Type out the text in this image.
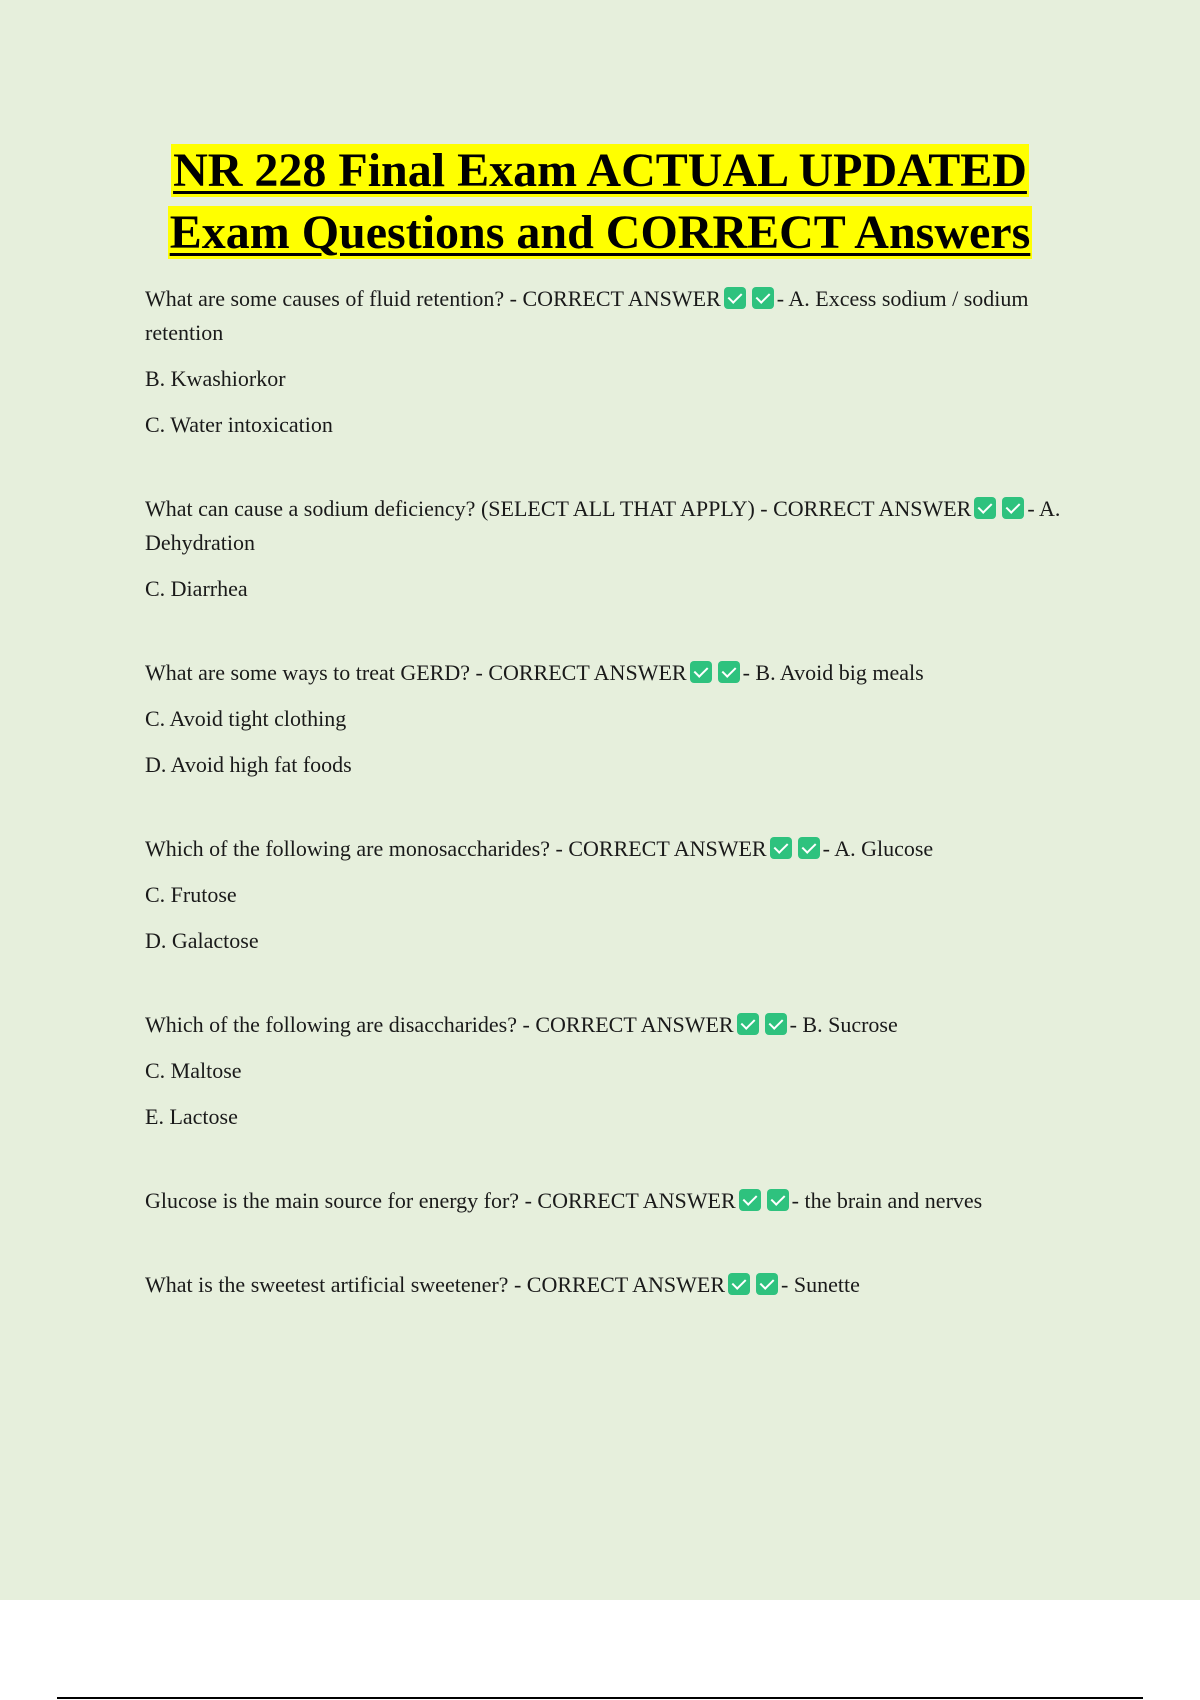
NR 228 Final Exam ACTUAL UPDATED
Exam Questions and CORRECT Answers

What are some causes of fluid retention? - CORRECT ANSWER	- A. Excess sodium / sodium retention

B. Kwashiorkor

C. Water intoxication

What can cause a sodium deficiency? (SELECT ALL THAT APPLY) - CORRECT ANSWER	- A. Dehydration

C. Diarrhea

What are some ways to treat GERD? - CORRECT ANSWER	- B. Avoid big meals

C. Avoid tight clothing

D. Avoid high fat foods

Which of the following are monosaccharides? - CORRECT ANSWER	- A. Glucose

C. Frutose

D. Galactose

Which of the following are disaccharides? - CORRECT ANSWER	- B. Sucrose

C. Maltose

E. Lactose

Glucose is the main source for energy for? - CORRECT ANSWER	- the brain and nerves

What is the sweetest artificial sweetener? - CORRECT ANSWER	- Sunette
